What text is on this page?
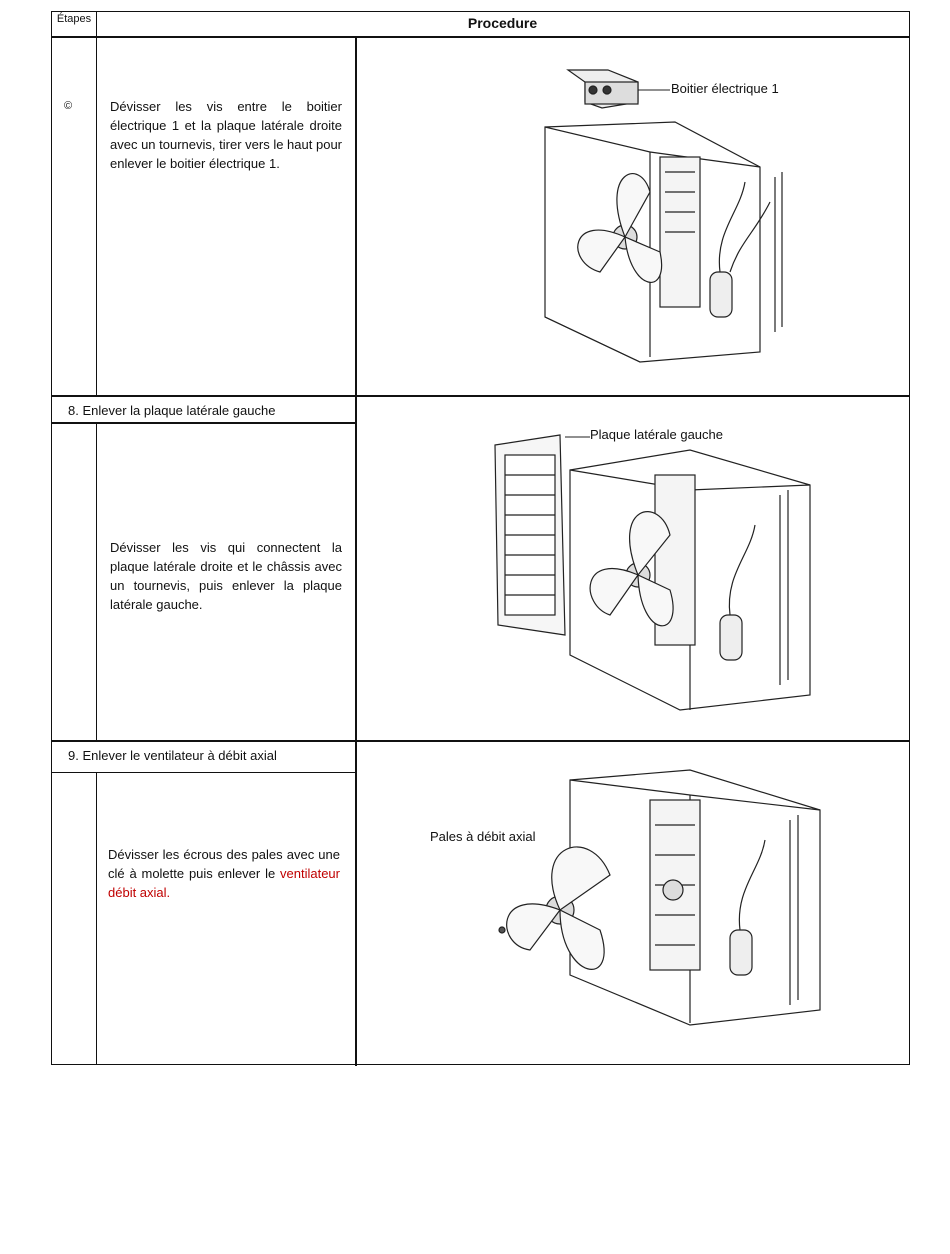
Étapes	Procedure
©	Dévisser les vis entre le boitier électrique 1 et la plaque latérale droite avec un tournevis, tirer vers le haut pour enlever le boitier électrique 1.
Boitier électrique 1
8. Enlever la plaque latérale gauche
Dévisser les vis qui connectent la plaque latérale droite et le châssis avec un tournevis, puis enlever la plaque latérale gauche.
Plaque latérale gauche
9. Enlever le ventilateur à débit axial
Dévisser les écrous des pales avec une clé à molette puis enlever le ventilateur débit axial.
Pales à débit axial
